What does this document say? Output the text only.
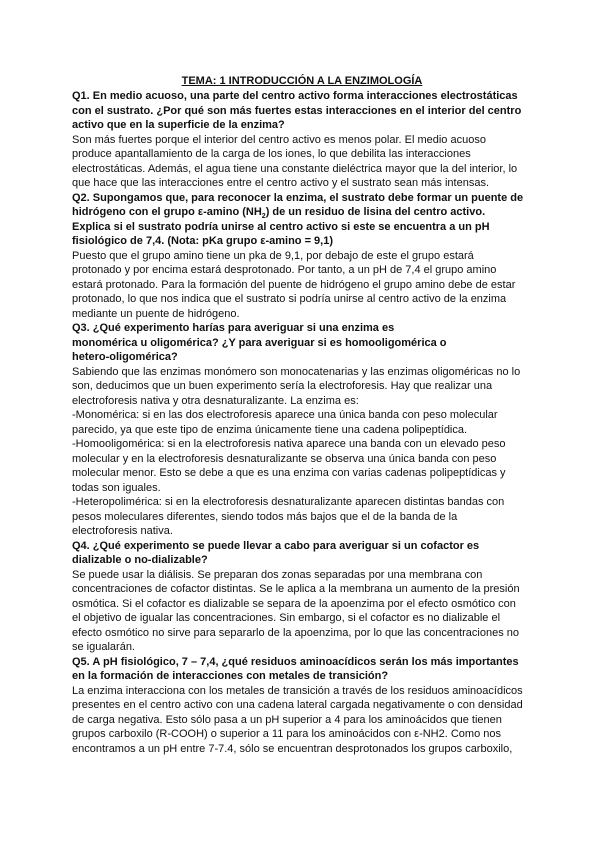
TEMA: 1 INTRODUCCIÓN A LA ENZIMOLOGÍA

Q1. En medio acuoso, una parte del centro activo forma interacciones electrostáticas
con el sustrato. ¿Por qué son más fuertes estas interacciones en el interior del centro
activo que en la superficie de la enzima?

Son más fuertes porque el interior del centro activo es menos polar. El medio acuoso
produce apantallamiento de la carga de los iones, lo que debilita las interacciones
electrostáticas. Además, el agua tiene una constante dieléctrica mayor que la del interior, lo
que hace que las interacciones entre el centro activo y el sustrato sean más intensas.

Q2. Supongamos que, para reconocer la enzima, el sustrato debe formar un puente de
hidrógeno con el grupo ε-amino $(NH_2)$ de un residuo de lisina del centro activo.
Explica si el sustrato podría unirse al centro activo si este se encuentra a un pH
fisiológico de 7,4. (Nota: pKa grupo ε-amino = 9,1)

Puesto que el grupo amino tiene un pka de 9,1, por debajo de este el grupo estará
protonado y por encima estará desprotonado. Por tanto, a un pH de 7,4 el grupo amino
estará protonado. Para la formación del puente de hidrógeno el grupo amino debe de estar
protonado, lo que nos indica que el sustrato si podría unirse al centro activo de la enzima
mediante un puente de hidrógeno.

Q3. ¿Qué experimento harías para averiguar si una enzima es
monomérica u oligomérica? ¿Y para averiguar si es homooligomérica o
hetero-oligomérica?

Sabiendo que las enzimas monómero son monocatenarias y las enzimas oligoméricas no lo
son, deducimos que un buen experimento sería la electroforesis. Hay que realizar una
electroforesis nativa y otra desnaturalizante. La enzima es:
-Monomérica: si en las dos electroforesis aparece una única banda con peso molecular
parecido, ya que este tipo de enzima únicamente tiene una cadena polipeptídica.
-Homooligomérica: si en la electroforesis nativa aparece una banda con un elevado peso
molecular y en la electroforesis desnaturalizante se observa una única banda con peso
molecular menor. Esto se debe a que es una enzima con varias cadenas polipeptídicas y
todas son iguales.
-Heteropolimérica: si en la electroforesis desnaturalizante aparecen distintas bandas con
pesos moleculares diferentes, siendo todos más bajos que el de la banda de la
electroforesis nativa.

Q4. ¿Qué experimento se puede llevar a cabo para averiguar si un cofactor es
dializable o no-dializable?

Se puede usar la diálisis. Se preparan dos zonas separadas por una membrana con
concentraciones de cofactor distintas. Se le aplica a la membrana un aumento de la presión
osmótica. Si el cofactor es dializable se separa de la apoenzima por el efecto osmótico con
el objetivo de igualar las concentraciones. Sin embargo, si el cofactor es no dializable el
efecto osmótico no sirve para separarlo de la apoenzima, por lo que las concentraciones no
se igualarán.

Q5. A pH fisiológico, 7 – 7,4, ¿qué residuos aminoacídicos serán los más importantes
en la formación de interacciones con metales de transición?

La enzima interacciona con los metales de transición a través de los residuos aminoacídicos
presentes en el centro activo con una cadena lateral cargada negativamente o con densidad
de carga negativa. Esto sólo pasa a un pH superior a 4 para los aminoácidos que tienen
grupos carboxilo (R-COOH) o superior a 11 para los aminoácidos con ε-NH2. Como nos
encontramos a un pH entre 7-7.4, sólo se encuentran desprotonados los grupos carboxilo,
